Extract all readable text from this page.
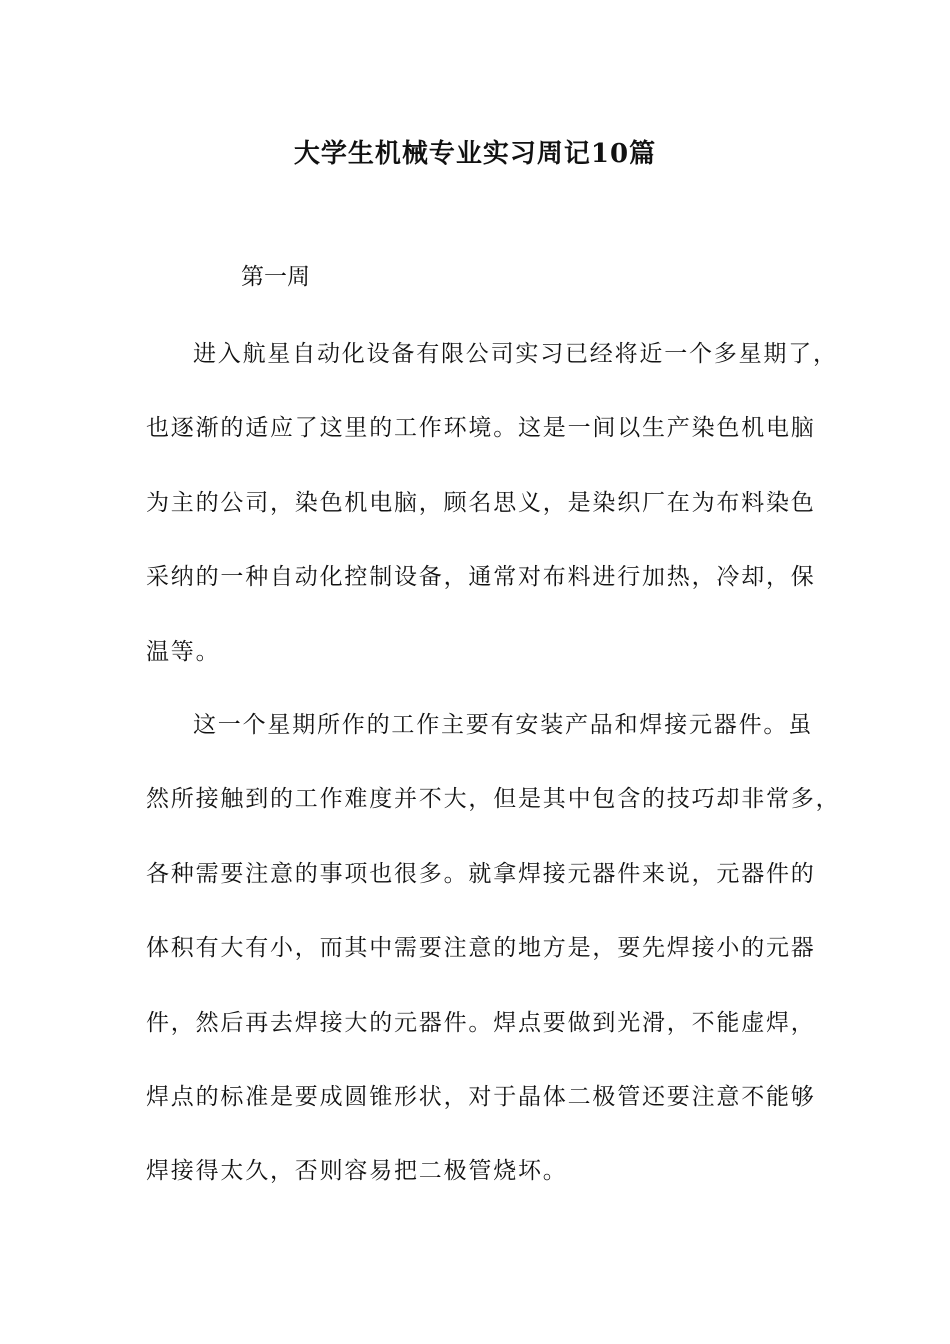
大学生机械专业实习周记10篇
第一周
进入航星自动化设备有限公司实习已经将近一个多星期了，
也逐渐的适应了这里的工作环境。这是一间以生产染色机电脑
为主的公司，染色机电脑，顾名思义，是染织厂在为布料染色
采纳的一种自动化控制设备，通常对布料进行加热，冷却，保
温等。
这一个星期所作的工作主要有安装产品和焊接元器件。虽
然所接触到的工作难度并不大，但是其中包含的技巧却非常多，
各种需要注意的事项也很多。就拿焊接元器件来说，元器件的
体积有大有小，而其中需要注意的地方是，要先焊接小的元器
件，然后再去焊接大的元器件。焊点要做到光滑，不能虚焊，
焊点的标准是要成圆锥形状，对于晶体二极管还要注意不能够
焊接得太久，否则容易把二极管烧坏。
